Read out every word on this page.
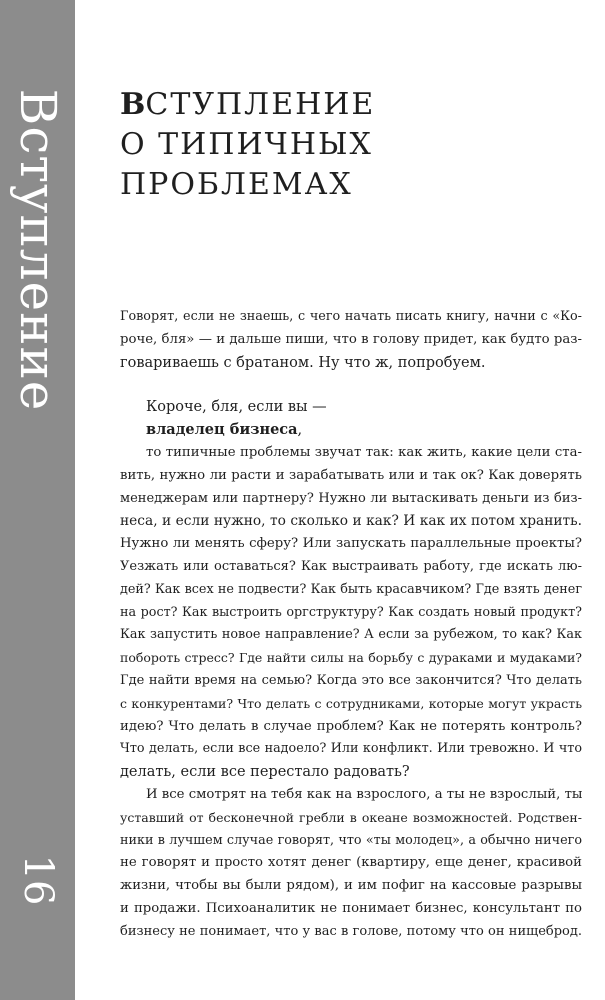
Вступление
16
ВСТУПЛЕНИЕ
О ТИПИЧНЫХ
ПРОБЛЕМАХ
Говорят, если не знаешь, с чего начать писать книгу, начни с «Ко-
роче, бля» — и дальше пиши, что в голову придет, как будто раз-
говариваешь с братаном. Ну что ж, попробуем.
Короче, бля, если вы —
владелец бизнеса,
то типичные проблемы звучат так: как жить, какие цели ста-
вить, нужно ли расти и зарабатывать или и так ок? Как доверять
менеджерам или партнеру? Нужно ли вытаскивать деньги из биз-
неса, и если нужно, то сколько и как? И как их потом хранить.
Нужно ли менять сферу? Или запускать параллельные проекты?
Уезжать или оставаться? Как выстраивать работу, где искать лю-
дей? Как всех не подвести? Как быть красавчиком? Где взять денег
на рост? Как выстроить оргструктуру? Как создать новый продукт?
Как запустить новое направление? А если за рубежом, то как? Как
побороть стресс? Где найти силы на борьбу с дураками и мудаками?
Где найти время на семью? Когда это все закончится? Что делать
с конкурентами? Что делать с сотрудниками, которые могут украсть
идею? Что делать в случае проблем? Как не потерять контроль?
Что делать, если все надоело? Или конфликт. Или тревожно. И что
делать, если все перестало радовать?
И все смотрят на тебя как на взрослого, а ты не взрослый, ты
уставший от бесконечной гребли в океане возможностей. Родствен-
ники в лучшем случае говорят, что «ты молодец», а обычно ничего
не говорят и просто хотят денег (квартиру, еще денег, красивой
жизни, чтобы вы были рядом), и им пофиг на кассовые разрывы
и продажи. Психоаналитик не понимает бизнес, консультант по
бизнесу не понимает, что у вас в голове, потому что он нищеброд.
